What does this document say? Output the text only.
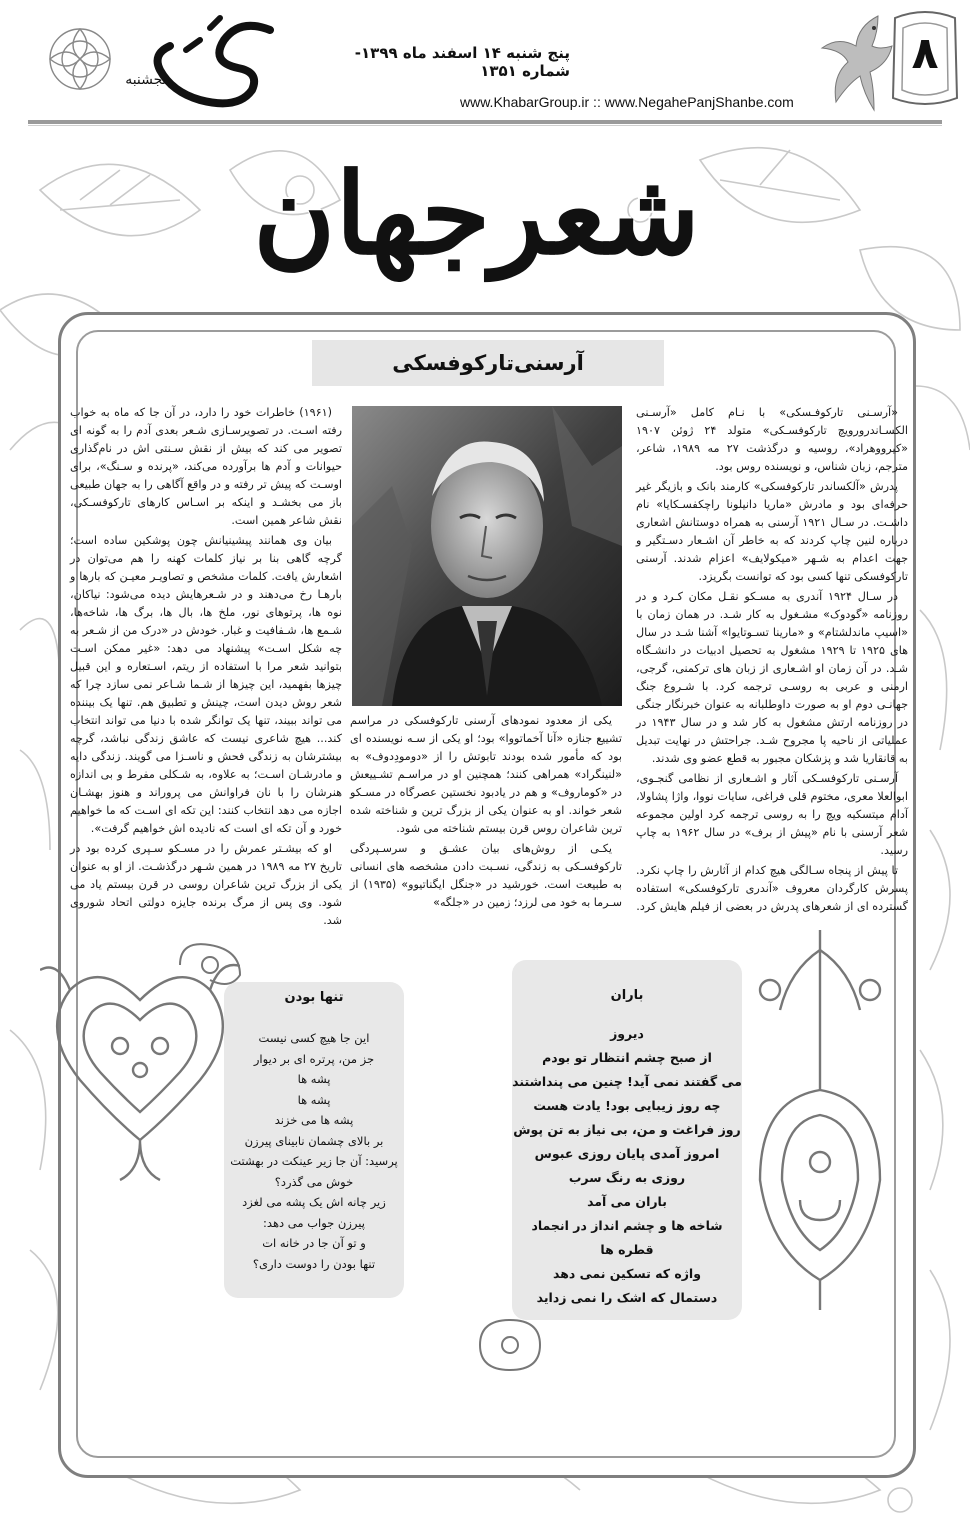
۸
پنج شنبه ۱۴ اسفند ماه ۱۳۹۹- شماره ۱۳۵۱
www.KhabarGroup.ir :: www.NegahePanjShanbe.com
پنجشنبه
شعرجهان
آرسنی‌تارکوفسکی

«آرسـنی تارکوفـسکی» با نـام کامل «آرسـنی الکسـاندرورویچ تارکوفسـکی» متولد ۲۴ ژوئن ۱۹۰۷ «کیرووهراد»، روسیه و درگذشت ۲۷ مه ۱۹۸۹، شاعر، مترجم، زبان شناس، و نویسنده روس بود.

پدرش «آلکساندر تارکوفسکی» کارمند بانک و بازیگر غیر حرفه‌ای بود و مادرش «ماریا دانیلونا راچکفسـکایا» نام داشـت. در سـال ۱۹۲۱ آرسنی به همراه دوستانش اشعاری درباره لنین چاپ کردند که به خاطر آن اشـعار دسـتگیر و جهت اعدام به شـهر «میکولایف» اعزام شدند. آرسنی تارکوفسکی تنها کسی بود که توانست بگریزد.

در سـال ۱۹۲۴ آندری به مسـکو نقـل مکان کـرد و در روزنامه «گودوک» مشـغول به کار شـد. در همان زمان با «اسیپ ماندلشتام» و «مارینا تسـوتایوا» آشنا شـد در سال های ۱۹۲۵ تا ۱۹۲۹ مشغول به تحصیل ادبیات در دانشـگاه شـد. در آن زمان او اشـعاری از زبان های ترکمنی، گرجی، ارمنی و عربی به روسـی ترجمه کرد. با شـروع جنگ جهانـی دوم او به صورت داوطلبانه به عنوان خبرنگار جنگی در روزنامه ارتش مشغول به کار شد و در سال ۱۹۴۳ در عملیاتی از ناحیه پا مجروح شـد. جراحتش در نهایت تبدیل به قانقاریا شد و پزشکان مجبور به قطع عضو وی شدند.

آرسـنی تارکوفسـکی آثار و اشـعاری از نظامی گنجـوی، ابوالعلا معری، مختوم قلی فراغی، سایات نووا، واژا پشاولا، آدام میتسکیه ویچ را به روسی ترجمه کرد اولین مجموعه شعر آرسنی با نام «پیش از برف» در سال ۱۹۶۲ به چاپ رسید.

تا پیش از پنجاه سـالگی هیچ کدام از آثارش را چاپ نکرد. پسرش کارگردان معروف «آندری تارکوفسکی» استفاده گسترده ای از شعرهای پدرش در بعضی از فیلم هایش کرد.

یکی از معدود نمودهای آرسنی تارکوفسکی در مراسم تشییع جنازه «آنا آخماتووا» بود؛ او یکی از سـه نویسنده ای بود که مأمور شده بودند تابوتش را از «دومودِدوف» به «لنینگراد» همراهی کنند؛ همچنین او در مراسـم تشـییعش در «کوماروف» و هم در یادبود نخستین عصرگاه در مسـکو شعر خواند. او به عنوان یکی از بزرگ ترین و شناخته شده ترین شاعران روس قرن بیستم شناخته می شود.

یکـی از روش‌های بیان عشـق و سرسـپردگی تارکوفسـکی به زندگی، نسـبت دادن مشخصه های انسانی به طبیعت است. خورشید در «جنگل ایگناتیوو» (۱۹۳۵) از سـرما به خود می لرزد؛ زمین در «جلگه»

(۱۹۶۱) خاطرات خود را دارد، در آن جا که ماه به خواب رفته اسـت. در تصویرسـازی شـعر بعدی آدم را به گونه ای تصویر می کند که بیش از نقش سـنتی اش در نام‌گذاری حیوانات و آدم ها برآورده می‌کند، «پرنده و سـنگ»، برای اوسـت که پیش تر رفته و در واقع آگاهی را به جهان طبیعی باز می بخشـد و اینکه بر اسـاس کارهای تارکوفسـکی، نقش شاعر همین است.

بیان وی همانند پیشینیانش چون پوشکین ساده است؛ گرچه گاهی بنا بر نیاز کلمات کهنه را هم می‌توان در اشعارش یافت. کلمات مشخص و تصاویـر معیـن که بارها و بارهـا رخ می‌دهند و در شـعرهایش دیده می‌شود: نیاکان، نوه ها، پرتوهای نور، ملخ ها، بال ها، برگ ها، شاخه‌ها، شـمع ها، شـفافیت و غبار. خودش در «درک من از شـعر به چه شکل اسـت» پیشنهاد می دهد: «غیر ممکن اسـت بتوانید شعر مرا با استفاده از ریتم، اسـتعاره و این قبیل چیزها بفهمید، این چیزها از شـما شـاعر نمی سازد چرا که شعر روش دیدن است، چینش و تطبیق هم. تنها یک بیننده می تواند ببیند، تنها یک توانگر شده با دنیا می تواند انتخاب کند... هیچ شاعری نیست که عاشق زندگی نباشد، گرچه بیشترشان به زندگی فحش و ناسـزا می گویند. زندگی دایه و مادرشـان اسـت؛ به علاوه، به شـکلی مفرط و بی اندازه هنرشان را با نان فراوانش می پروراند و هنوز بهشـان اجازه می دهد انتخاب کنند: این تکه ای اسـت که ما خواهیم خورد و آن تکه ای است که نادیده اش خواهیم گرفت».

او که بیشـتر عمرش را در مسـکو سـپری کرده بود در تاریخ ۲۷ مه ۱۹۸۹ در همین شـهر درگذشـت. از او به عنوان یکی از بزرگ ترین شاعران روسی در قرن بیستم یاد می شود. وی پس از مرگ برنده جایزه دولتی اتحاد شوروی شد.

باران
دیروز
از صبح چشم انتظار تو بودم
می گفتند نمی آید! چنین می پنداشتند
چه روز زیبایی بود! یادت هست
روز فراغت و من، بی نیاز به تن پوش
امروز آمدی پایان روزی عبوس
روزی به رنگ سرب
باران می آمد
شاخه ها و چشم انداز در انجماد قطره ها
واژه که تسکین نمی دهد
دستمال که اشک را نمی زداید
تنها بودن
این جا هیچ کسی نیست
جز من، پرتره ای بر دیوار
پشه ها
پشه ها
پشه ها می خزند
بر بالای چشمان نابینای پیرزن
پرسید: آن جا زیر عینکت در بهشتت
خوش می گذرد؟
زیر چانه اش یک پشه می لغزد
پیرزن جواب می دهد:
و تو آن جا در خانه ات
تنها بودن را دوست داری؟
